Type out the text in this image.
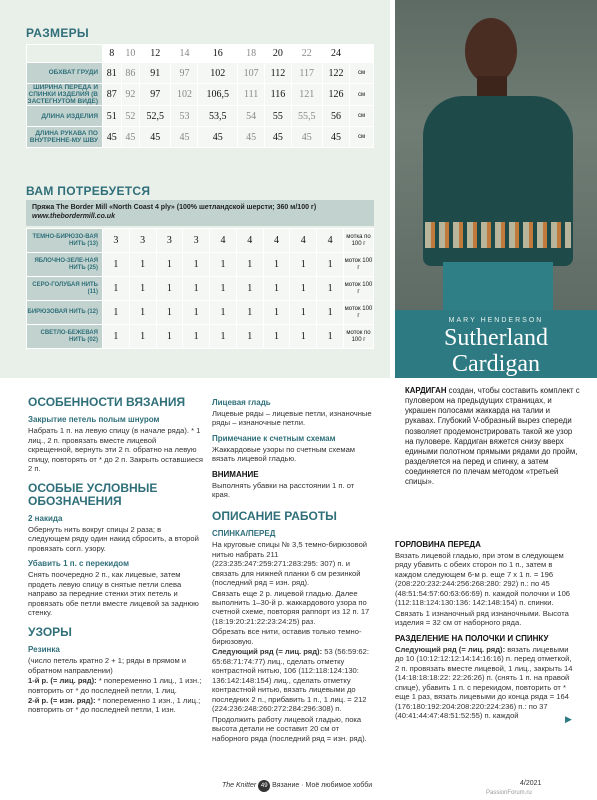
РАЗМЕРЫ
	8	10	12	14	16	18	20	22	24	
ОБХВАТ ГРУДИ	81	86	91	97	102	107	112	117	122	см
ШИРИНА ПЕРЕДА И СПИНКИ ИЗДЕЛИЯ (В ЗАСТЕГНУТОМ ВИДЕ)	87	92	97	102	106,5	111	116	121	126	см
ДЛИНА ИЗДЕЛИЯ	51	52	52,5	53	53,5	54	55	55,5	56	см
ДЛИНА РУКАВА ПО ВНУТРЕННЕ-МУ ШВУ	45	45	45	45	45	45	45	45	45	см
ВАМ ПОТРЕБУЕТСЯ
Пряжа The Border Mill «North Coast 4 ply» (100% шетландской шерсти; 360 м/100 г)
www.thebordermill.co.uk
ТЕМНО-БИРЮЗО-ВАЯ НИТЬ (13)	3	3	3	3	4	4	4	4	4	мотка по 100 г
ЯБЛОЧНО-ЗЕЛЕ-НАЯ НИТЬ (25)	1	1	1	1	1	1	1	1	1	моток 100 г
СЕРО-ГОЛУБАЯ НИТЬ (11)	1	1	1	1	1	1	1	1	1	моток 100 г
БИРЮЗОВАЯ НИТЬ (12)	1	1	1	1	1	1	1	1	1	моток 100 г
СВЕТЛО-БЕЖЕВАЯ НИТЬ (02)	1	1	1	1	1	1	1	1	1	моток по 100 г
MARY HENDERSON
Sutherland
Cardigan
КАРДИГАН создан, чтобы составить комплект с пуловером на предыдущих страницах, и украшен полосами жаккарда на талии и рукавах. Глубокий V-образный вырез спереди позволяет продемонстрировать такой же узор на пуловере. Кардиган вяжется снизу вверх едиными полотном прямыми рядами до пройм, разделяется на перед и спинку, а затем соединяется по плечам методом «третьей спицы».
ОСОБЕННОСТИ ВЯЗАНИЯ
Закрытие петель полым шнуром

Набрать 1 п. на левую спицу (в начале ряда). * 1 лиц., 2 п. провязать вместе лицевой скрещенной, вернуть эти 2 п. обратно на левую спицу, повторять от * до 2 п. Закрыть оставшиеся 2 п.

ОСОБЫЕ УСЛОВНЫЕ ОБОЗНАЧЕНИЯ
2 накида

Обернуть нить вокруг спицы 2 раза; в следующем ряду один накид сбросить, а второй провязать согл. узору.

Убавить 1 п. с перекидом

Снять поочередно 2 п., как лицевые, затем продеть левую спицу в снятые петли слева направо за передние стенки этих петель и провязать обе петли вместе лицевой за заднюю стенку.

УЗОРЫ
Резинка

(число петель кратно 2 + 1; ряды в прямом и обратном направлении)

1-й р. (= лиц. ряд): * попеременно 1 лиц., 1 изн.; повторить от * до последней петли, 1 лиц.

2-й р. (= изн. ряд): * попеременно 1 изн., 1 лиц.; повторить от * до последней петли, 1 изн.

Лицевая гладь

Лицевые ряды – лицевые петли, изнаночные ряды – изнаночные петли.

Примечание к счетным схемам

Жаккардовые узоры по счетным схемам вязать лицевой гладью.

ВНИМАНИЕ

Выполнять убавки на расстоянии 1 п. от края.

ОПИСАНИЕ РАБОТЫ
СПИНКА/ПЕРЕД

На круговые спицы № 3,5 темно-бирюзовой нитью набрать 211 (223:235:247:259:271:283:295: 307) п. и связать для нижней планки 6 см резинкой (последний ряд = изн. ряд).

Связать еще 2 р. лицевой гладью. Далее выполнить 1–30-й р. жаккардового узора по счетной схеме, повторяя раппорт из 12 п. 17 (18:19:20:21:22:23:24:25) раз.

Обрезать все нити, оставив только темно-бирюзовую.

Следующий ряд (= лиц. ряд): 53 (56:59:62: 65:68:71:74:77) лиц., сделать отметку контрастной нитью, 106 (112:118:124:130: 136:142:148:154) лиц., сделать отметку контрастной нитью, вязать лицевыми до последних 2 п., прибавить 1 п., 1 лиц. = 212 (224:236:248:260:272:284:296:308) п.

Продолжить работу лицевой гладью, пока высота детали не составит 20 см от наборного ряда (последний ряд = изн. ряд).

ГОРЛОВИНА ПЕРЕДА

Вязать лицевой гладью, при этом в следующем ряду убавить с обеих сторон по 1 п., затем в каждом следующем 6-м р. еще 7 х 1 п. = 196 (208:220:232:244:256:268:280: 292) п.: по 45 (48:51:54:57:60:63:66:69) п. каждой полочки и 106 (112:118:124:130:136: 142:148:154) п. спинки.

Связать 1 изнаночный ряд изнаночными. Высота изделия = 32 см от наборного ряда.

РАЗДЕЛЕНИЕ НА ПОЛОЧКИ И СПИНКУ

Следующий ряд (= лиц. ряд): вязать лицевыми до 10 (10:12:12:12:14:14:16:16) п. перед отметкой, 2 п. провязать вместе лицевой, 1 лиц., закрыть 14 (14:18:18:18:22: 22:26:26) п. (снять 1 п. на правой спице), убавить 1 п. с перекидом, повторить от * еще 1 раз, вязать лицевыми до конца ряда = 164 (176:180:192:204:208:220:224:236) п.: по 37 (40:41:44:47:48:51:52:55) п. каждой	▶
The Knitter 49 Вязание · Моё любимое хобби	4/2021
PassionForum.ru
